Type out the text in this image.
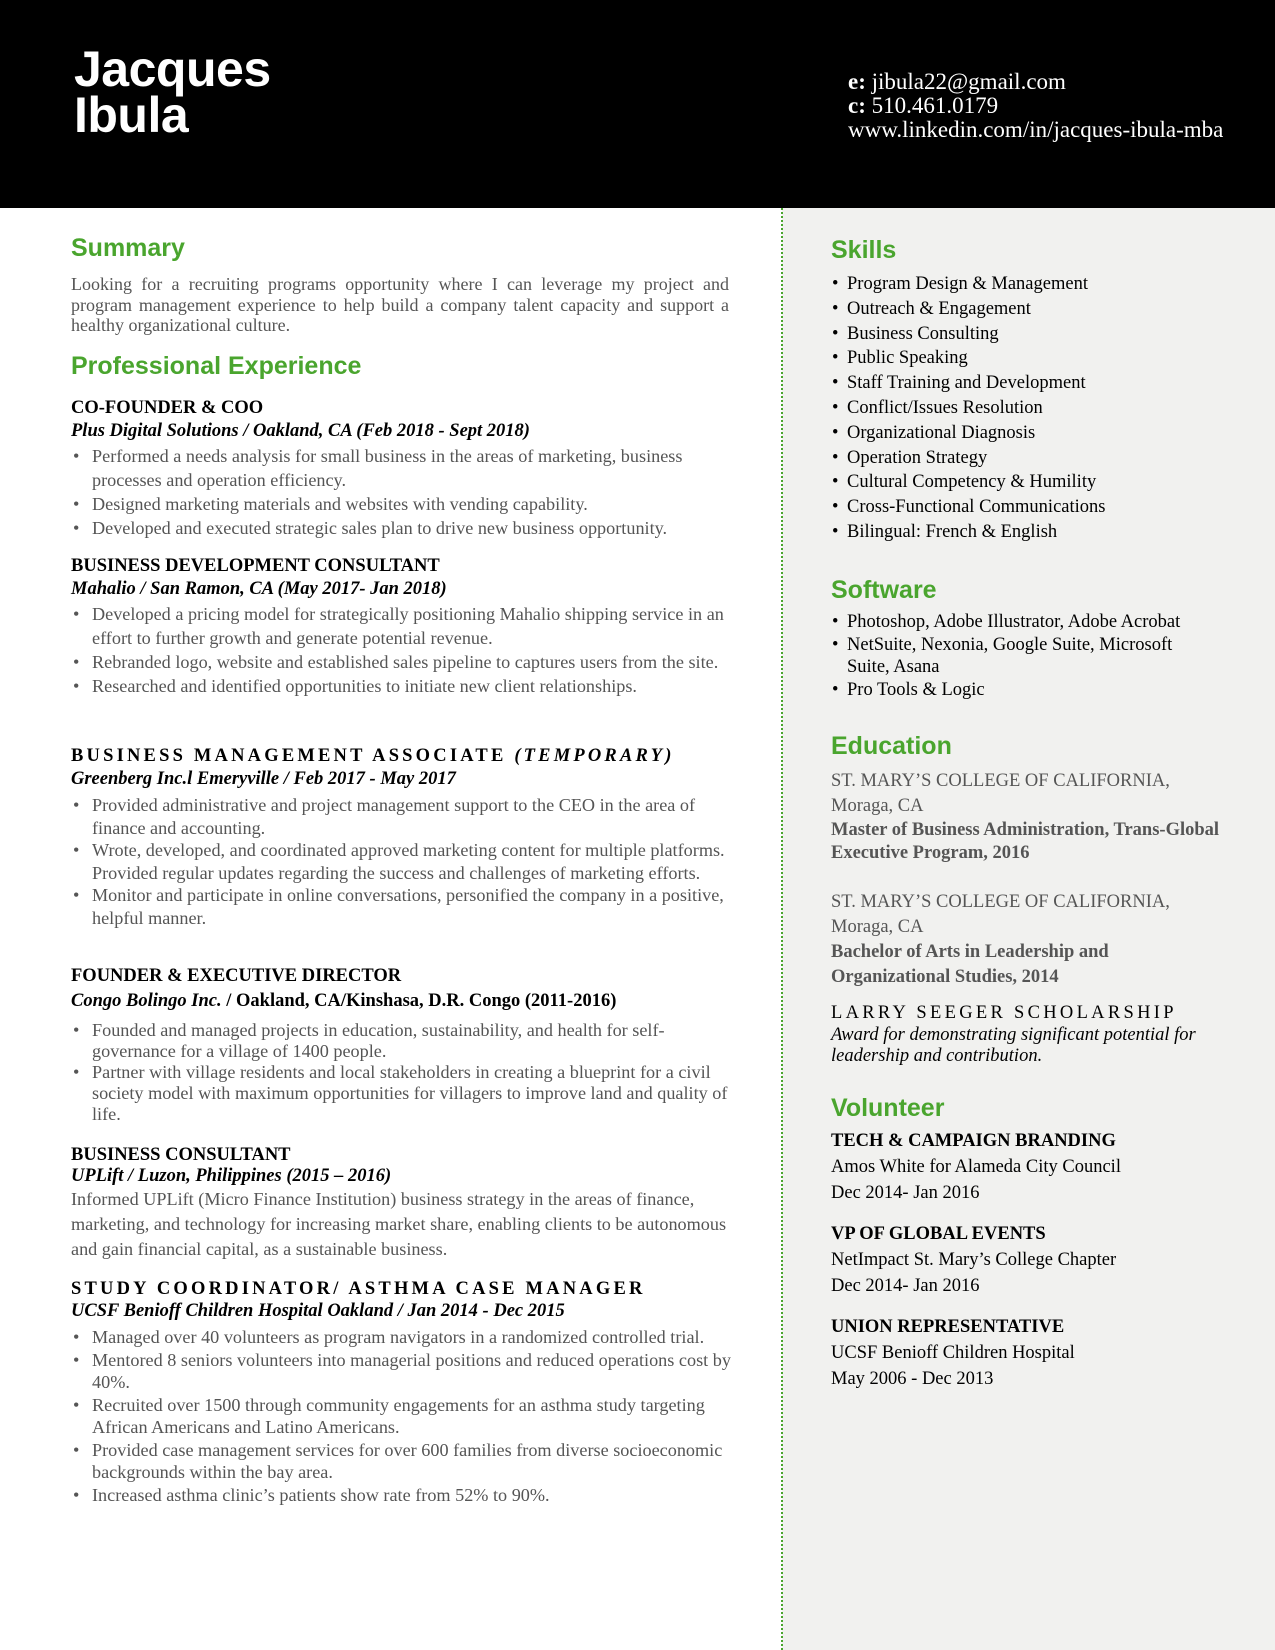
Jacques
Ibula
e: jibula22@gmail.com
c: 510.461.0179
www.linkedin.com/in/jacques-ibula-mba
Summary

Looking for a recruiting programs opportunity where I can leverage my project and program management experience to help build a company talent capacity and support a healthy organizational culture.

Professional Experience

CO-FOUNDER & COO

Plus Digital Solutions / Oakland, CA (Feb 2018 - Sept 2018)

• Performed a needs analysis for small business in the areas of marketing, business processes and operation efficiency.
• Designed marketing materials and websites with vending capability.
• Developed and executed strategic sales plan to drive new business opportunity.

BUSINESS DEVELOPMENT CONSULTANT

Mahalio / San Ramon, CA (May 2017- Jan 2018)

• Developed a pricing model for strategically positioning Mahalio shipping service in an effort to further growth and generate potential revenue.
• Rebranded logo, website and established sales pipeline to captures users from the site.
• Researched and identified opportunities to initiate new client relationships.

BUSINESS MANAGEMENT ASSOCIATE (TEMPORARY)

Greenberg Inc.l Emeryville / Feb 2017 - May 2017

• Provided administrative and project management support to the CEO in the area of finance and accounting.
• Wrote, developed, and coordinated approved marketing content for multiple platforms. Provided regular updates regarding the success and challenges of marketing efforts.
• Monitor and participate in online conversations, personified the company in a positive, helpful manner.

FOUNDER & EXECUTIVE DIRECTOR

Congo Bolingo Inc. / Oakland, CA/Kinshasa, D.R. Congo (2011-2016)

• Founded and managed projects in education, sustainability, and health for self-governance for a village of 1400 people.
• Partner with village residents and local stakeholders in creating a blueprint for a civil society model with maximum opportunities for villagers to improve land and quality of life.

BUSINESS CONSULTANT

UPLift / Luzon, Philippines (2015 – 2016)

Informed UPLift (Micro Finance Institution) business strategy in the areas of finance, marketing, and technology for increasing market share, enabling clients to be autonomous and gain financial capital, as a sustainable business.

STUDY COORDINATOR/ ASTHMA CASE MANAGER

UCSF Benioff Children Hospital Oakland / Jan 2014 - Dec 2015

• Managed over 40 volunteers as program navigators in a randomized controlled trial.
• Mentored 8 seniors volunteers into managerial positions and reduced operations cost by 40%.
• Recruited over 1500 through community engagements for an asthma study targeting African Americans and Latino Americans.
• Provided case management services for over 600 families from diverse socioeconomic backgrounds within the bay area.
• Increased asthma clinic’s patients show rate from 52% to 90%.
Skills
• Program Design & Management
• Outreach & Engagement
• Business Consulting
• Public Speaking
• Staff Training and Development
• Conflict/Issues Resolution
• Organizational Diagnosis
• Operation Strategy
• Cultural Competency & Humility
• Cross-Functional Communications
• Bilingual: French & English
Software
• Photoshop, Adobe Illustrator, Adobe Acrobat
• NetSuite, Nexonia, Google Suite, Microsoft Suite, Asana
• Pro Tools & Logic
Education

ST. MARY’S COLLEGE OF CALIFORNIA, Moraga, CA

Master of Business Administration, Trans-Global Executive Program, 2016

ST. MARY’S COLLEGE OF CALIFORNIA, Moraga, CA

Bachelor of Arts in Leadership and Organizational Studies, 2014

LARRY SEEGER SCHOLARSHIP

Award for demonstrating significant potential for leadership and contribution.

Volunteer

TECH & CAMPAIGN BRANDING

Amos White for Alameda City Council

Dec 2014- Jan 2016

VP OF GLOBAL EVENTS

NetImpact St. Mary’s College Chapter

Dec 2014- Jan 2016

UNION REPRESENTATIVE

UCSF Benioff Children Hospital

May 2006 - Dec 2013
